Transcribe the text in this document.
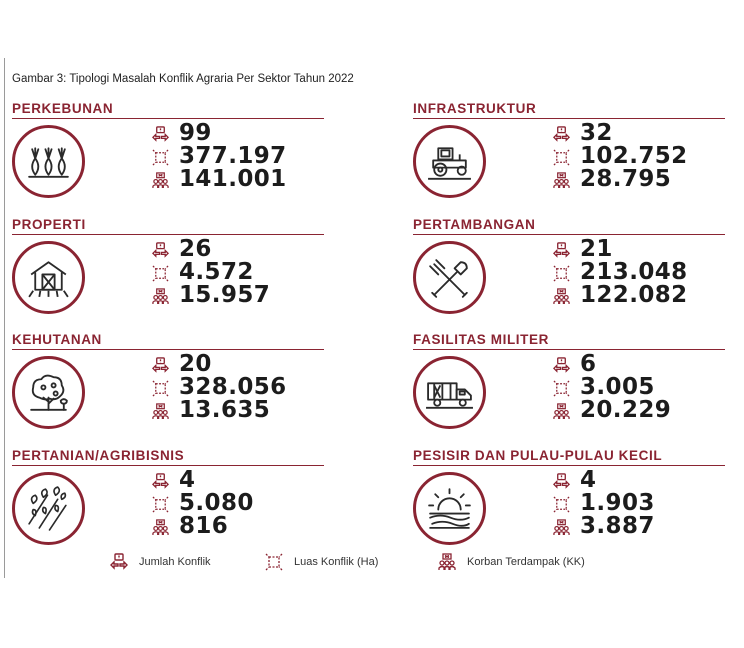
Gambar 3: Tipologi Masalah Konflik Agraria Per Sektor Tahun 2022
PERKEBUNAN
99
377.197
141.001
INFRASTRUKTUR
32
102.752
28.795
PROPERTI
26
4.572
15.957
PERTAMBANGAN
21
213.048
122.082
KEHUTANAN
20
328.056
13.635
FASILITAS MILITER
6
3.005
20.229
PERTANIAN/AGRIBISNIS
4
5.080
816
PESISIR DAN PULAU-PULAU KECIL
4
1.903
3.887
Jumlah Konflik	Luas Konflik (Ha)	Korban Terdampak (KK)
